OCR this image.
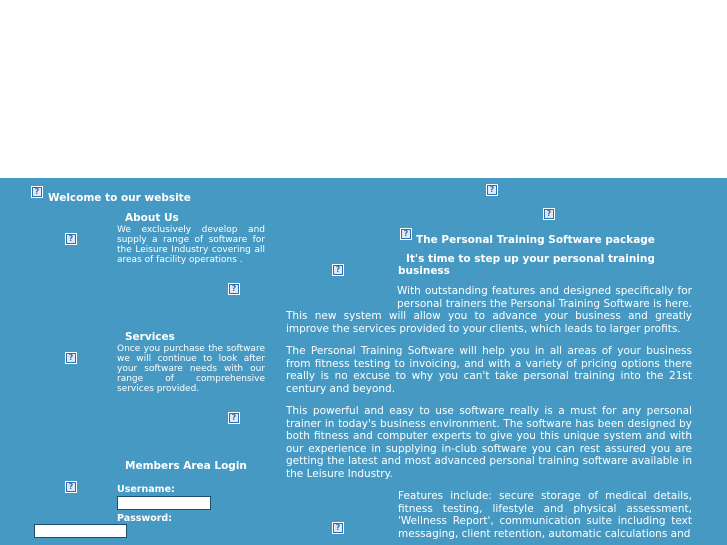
?
Welcome to our website
About Us
?
We exclusively develop and supply a range of software for the Leisure Industry covering all areas of facility operations .
?
Services
?
Once you purchase the software we will continue to look after your software needs with our range of comprehensive services provided.
?
Members Area Login
?	Username:
Password:
?
?
?
The Personal Training Software package
?
It's time to step up your personal training business
With outstanding features and designed specifically for personal trainers the Personal Training Software is here. This new system will allow you to advance your business and greatly improve the services provided to your clients, which leads to larger profits.
The Personal Training Software will help you in all areas of your business from fitness testing to invoicing, and with a variety of pricing options there really is no excuse to why you can't take personal training into the 21st century and beyond.
This powerful and easy to use software really is a must for any personal trainer in today's business environment. The software has been designed by both fitness and computer experts to give you this unique system and with our experience in supplying in-club software you can rest assured you are getting the latest and most advanced personal training software available in the Leisure Industry.
?
Features include: secure storage of medical details, fitness testing, lifestyle and physical assessment, 'Wellness Report', communication suite including text messaging, client retention, automatic calculations and
